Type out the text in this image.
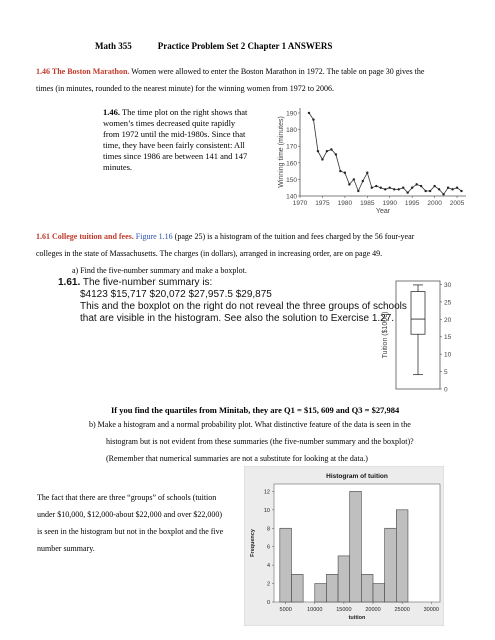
Math 355	Practice Problem Set 2 Chapter 1 ANSWERS
1.46 The Boston Marathon. Women were allowed to enter the Boston Marathon in 1972. The table on page 30 gives the
times (in minutes, rounded to the nearest minute) for the winning women from 1972 to 2006.
1.46. The time plot on the right shows that
women’s times decreased quite rapidly
from 1972 until the mid-1980s. Since that
time, they have been fairly consistent: All
times since 1986 are between 141 and 147
minutes.
140
150
160
170
180
190
1970 1975 1980 1985 1990 1995 2000 2005
Year
Winning time (minutes)
1.61 College tuition and fees. Figure 1.16 (page 25) is a histogram of the tuition and fees charged by the 56 four-year
colleges in the state of Massachusetts. The charges (in dollars), arranged in increasing order, are on page 49.
a) Find the five-number summary and make a boxplot.
1.61. The five-number summary is:
$4123 $15,717 $20,072 $27,957.5 $29,875
This and the boxplot on the right do not reveal the three groups of schools
that are visible in the histogram. See also the solution to Exercise 1.27.
0
5
10
15
20
25
30
Tuition ($1000)
If you find the quartiles from Minitab, they are Q1 = $15, 609 and Q3 = $27,984
b) Make a histogram and a normal probability plot. What distinctive feature of the data is seen in the
histogram but is not evident from these summaries (the five-number summary and the boxplot)?
(Remember that numerical summaries are not a substitute for looking at the data.)
The fact that there are three “groups” of schools (tuition
under $10,000, $12,000-about $22,000 and over $22,000)
is seen in the histogram but not in the boxplot and the five
number summary.
Histogram of tuition
0
2
4
6
8
10
12
5000	10000	15000	20000	25000	30000
tuition
Frequency
